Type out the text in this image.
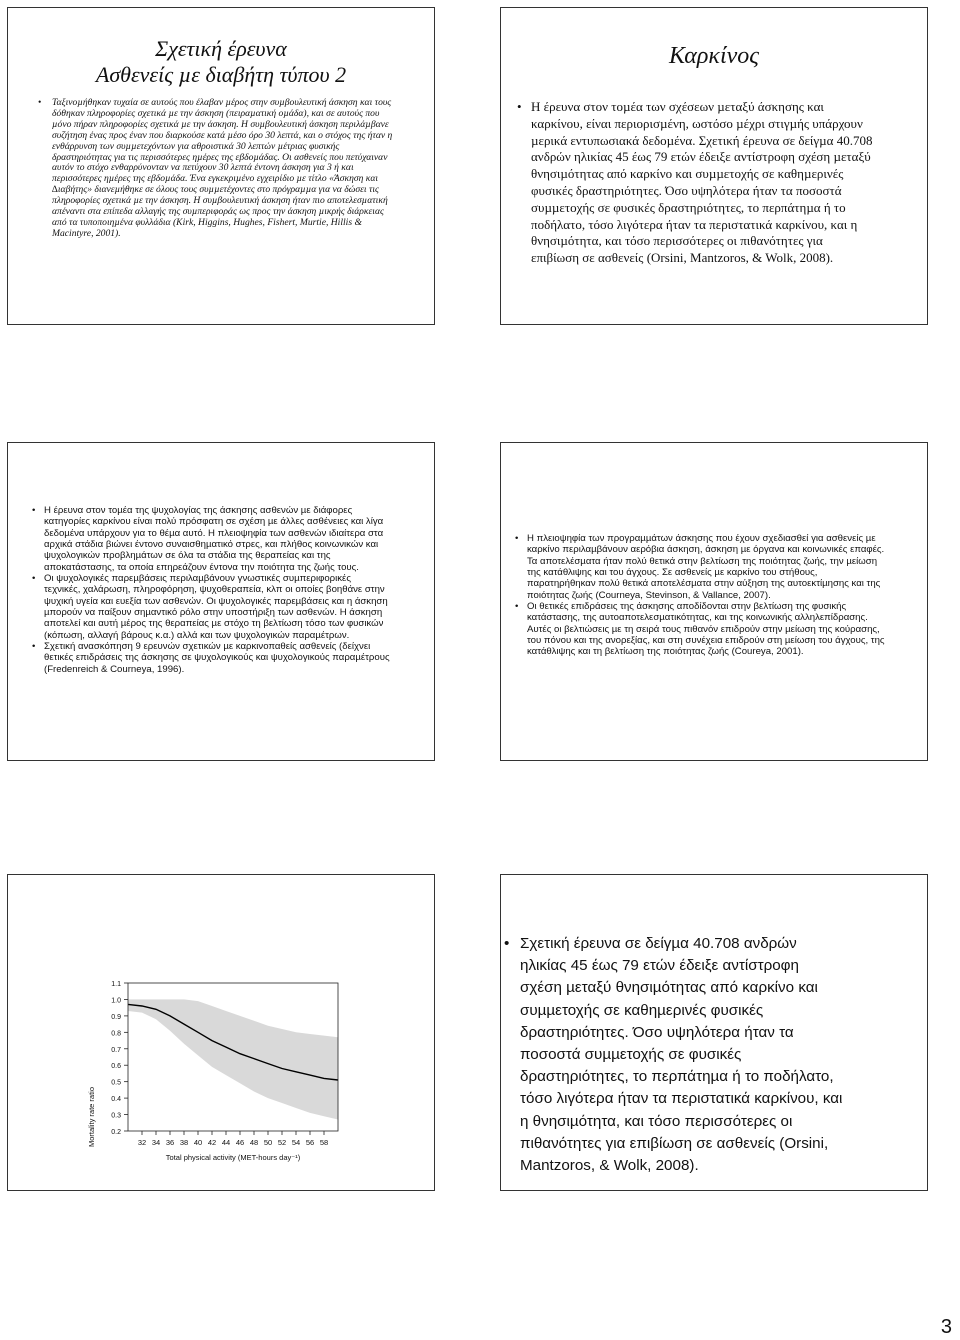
Σχετική έρευνα
Ασθενείς µε διαβήτη τύπου 2
• Ταξινοµήθηκαν τυχαία σε αυτούς που έλαβαν µέρος στην συµβουλευτική άσκηση και τους δόθηκαν πληροφορίες σχετικά µε την άσκηση (πειραµατική οµάδα), και σε αυτούς που µόνο πήραν πληροφορίες σχετικά µε την άσκηση. Η συµβουλευτική άσκηση περιλάµβανε συζήτηση ένας προς έναν που διαρκούσε κατά µέσο όρο 30 λεπτά, και ο στόχος της ήταν η ενθάρρυνση των συµµετεχόντων για αθροιστικά 30 λεπτών µέτριας φυσικής δραστηριότητας για τις περισσότερες ηµέρες της εβδοµάδας. Οι ασθενείς που πετύχαιναν αυτόν το στόχο ενθαρρύνονταν να πετύχουν 30 λεπτά έντονη άσκηση για 3 ή και περισσότερες ηµέρες της εβδοµάδα. Ένα εγκεκριµένο εγχειρίδιο µε τίτλο «Άσκηση και ∆ιαβήτης» διανεµήθηκε σε όλους τους συµµετέχοντες στο πρόγραµµα για να δώσει τις πληροφορίες σχετικά µε την άσκηση. Η συµβουλευτική άσκηση ήταν πιο αποτελεσµατική απέναντι στα επίπεδα αλλαγής της συµπεριφοράς ως προς την άσκηση µικρής διάρκειας από τα τυποποιηµένα φυλλάδια (Kirk, Higgins, Hughes, Fishert, Murtie, Hillis & Macintyre, 2001).
Καρκίνος
• Η έρευνα στον τοµέα των σχέσεων µεταξύ άσκησης και καρκίνου, είναι περιορισµένη, ωστόσο µέχρι στιγµής υπάρχουν µερικά εντυπωσιακά δεδοµένα. Σχετική έρευνα σε δείγµα 40.708 ανδρών ηλικίας 45 έως 79 ετών έδειξε αντίστροφη σχέση µεταξύ θνησιµότητας από καρκίνο και συµµετοχής σε καθηµερινές φυσικές δραστηριότητες. Όσο υψηλότερα ήταν τα ποσοστά συµµετοχής σε φυσικές δραστηριότητες, το περπάτηµα ή το ποδήλατο, τόσο λιγότερα ήταν τα περιστατικά καρκίνου, και η θνησιµότητα, και τόσο περισσότερες οι πιθανότητες για επιβίωση σε ασθενείς (Orsini, Mantzoros, & Wolk, 2008).
• Η έρευνα στον τοµέα της ψυχολογίας της άσκησης ασθενών µε διάφορες κατηγορίες καρκίνου είναι πολύ πρόσφατη σε σχέση µε άλλες ασθένειες και λίγα δεδοµένα υπάρχουν για το θέµα αυτό. Η πλειοψηφία των ασθενών ιδιαίτερα στα αρχικά στάδια βιώνει έντονο συναισθηµατικό στρες, και πλήθος κοινωνικών και ψυχολογικών προβληµάτων σε όλα τα στάδια της θεραπείας και της αποκατάστασης, τα οποία επηρεάζουν έντονα την ποιότητα της ζωής τους.
• Οι ψυχολογικές παρεµβάσεις περιλαµβάνουν γνωστικές συµπεριφορικές τεχνικές, χαλάρωση, πληροφόρηση, ψυχοθεραπεία, κλπ οι οποίες βοηθάνε στην ψυχική υγεία και ευεξία των ασθενών. Οι ψυχολογικές παρεµβάσεις και η άσκηση µπορούν να παίξουν σηµαντικό ρόλο στην υποστήριξη των ασθενών. Η άσκηση αποτελεί και αυτή µέρος της θεραπείας µε στόχο τη βελτίωση τόσο των φυσικών (κόπωση, αλλαγή βάρους κ.α.) αλλά και των ψυχολογικών παραµέτρων.
• Σχετική ανασκόπηση 9 ερευνών σχετικών µε καρκινοπαθείς ασθενείς (δείχνει θετικές επιδράσεις της άσκησης σε ψυχολογικούς και ψυχολογικούς παραµέτρους (Fredenreich & Courneya, 1996).
• Η πλειοψηφία των προγραµµάτων άσκησης που έχουν σχεδιασθεί για ασθενείς µε καρκίνο περιλαµβάνουν αερόβια άσκηση, άσκηση µε όργανα και κοινωνικές επαφές. Τα αποτελέσµατα ήταν πολύ θετικά στην βελτίωση της ποιότητας ζωής, την µείωση της κατάθλιψης και του άγχους. Σε ασθενείς µε καρκίνο του στήθους, παρατηρήθηκαν πολύ θετικά αποτελέσµατα στην αύξηση της αυτοεκτίµησης και της ποιότητας ζωής (Courneya, Stevinson, & Vallance, 2007).
• Οι θετικές επιδράσεις της άσκησης αποδίδονται στην βελτίωση της φυσικής κατάστασης, της αυτοαποτελεσµατικότητας, και της κοινωνικής αλληλεπίδρασης. Αυτές οι βελτιώσεις µε τη σειρά τους πιθανόν επιδρούν στην µείωση της κούρασης, του πόνου και της ανορεξίας, και στη συνέχεια επιδρούν στη µείωση του άγχους, της κατάθλιψης και τη βελτίωση της ποιότητας ζωής (Coureya, 2001).
0.2
0.3
0.4
0.5
0.6
0.7
0.8
0.9
1.0
1.1
32 34 36 38 40 42 44 46 48 50 52 54 56 58
Total physical activity (MET-hours day⁻¹)
Mortality rate ratio
• Σχετική έρευνα σε δείγµα 40.708 ανδρών ηλικίας 45 έως 79 ετών έδειξε αντίστροφη σχέση µεταξύ θνησιµότητας από καρκίνο και συµµετοχής σε καθηµερινές φυσικές δραστηριότητες. Όσο υψηλότερα ήταν τα ποσοστά συµµετοχής σε φυσικές δραστηριότητες, το περπάτηµα ή το ποδήλατο, τόσο λιγότερα ήταν τα περιστατικά καρκίνου, και η θνησιµότητα, και τόσο περισσότερες οι πιθανότητες για επιβίωση σε ασθενείς (Orsini, Mantzoros, & Wolk, 2008).
3
